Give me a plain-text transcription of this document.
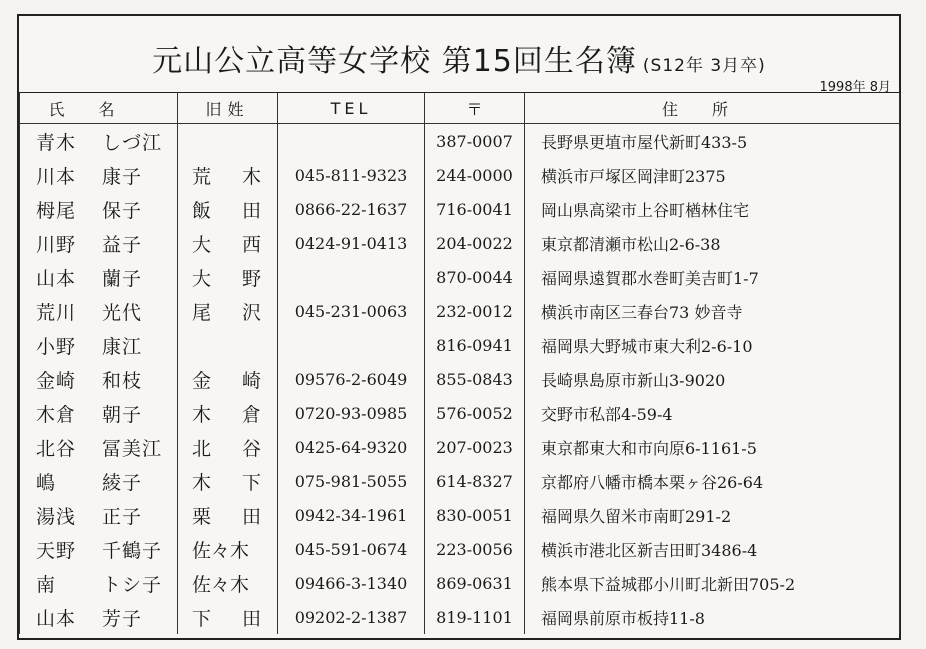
元山公立高等女学校 第15回生名簿 (S12年 3月卒)
1998年 8月
氏名	旧姓	TEL	〒	住所
青木 しづ江			387-0007	長野県更埴市屋代新町433-5
川本 康子	荒 木	045-811-9323	244-0000	横浜市戸塚区岡津町2375
栂尾 保子	飯 田	0866-22-1637	716-0041	岡山県高梁市上谷町楢林住宅
川野 益子	大 西	0424-91-0413	204-0022	東京都清瀬市松山2-6-38
山本 蘭子	大 野		870-0044	福岡県遠賀郡水巻町美吉町1-7
荒川 光代	尾 沢	045-231-0063	232-0012	横浜市南区三春台73 妙音寺
小野 康江			816-0941	福岡県大野城市東大利2-6-10
金崎 和枝	金 崎	09576-2-6049	855-0843	長崎県島原市新山3-9020
木倉 朝子	木 倉	0720-93-0985	576-0052	交野市私部4-59-4
北谷 冨美江	北 谷	0425-64-9320	207-0023	東京都東大和市向原6-1161-5
嶋 綾子	木 下	075-981-5055	614-8327	京都府八幡市橋本栗ヶ谷26-64
湯浅 正子	栗 田	0942-34-1961	830-0051	福岡県久留米市南町291-2
天野 千鶴子	佐々木	045-591-0674	223-0056	横浜市港北区新吉田町3486-4
南 トシ子	佐々木	09466-3-1340	869-0631	熊本県下益城郡小川町北新田705-2
山本 芳子	下 田	09202-2-1387	819-1101	福岡県前原市板持11-8
